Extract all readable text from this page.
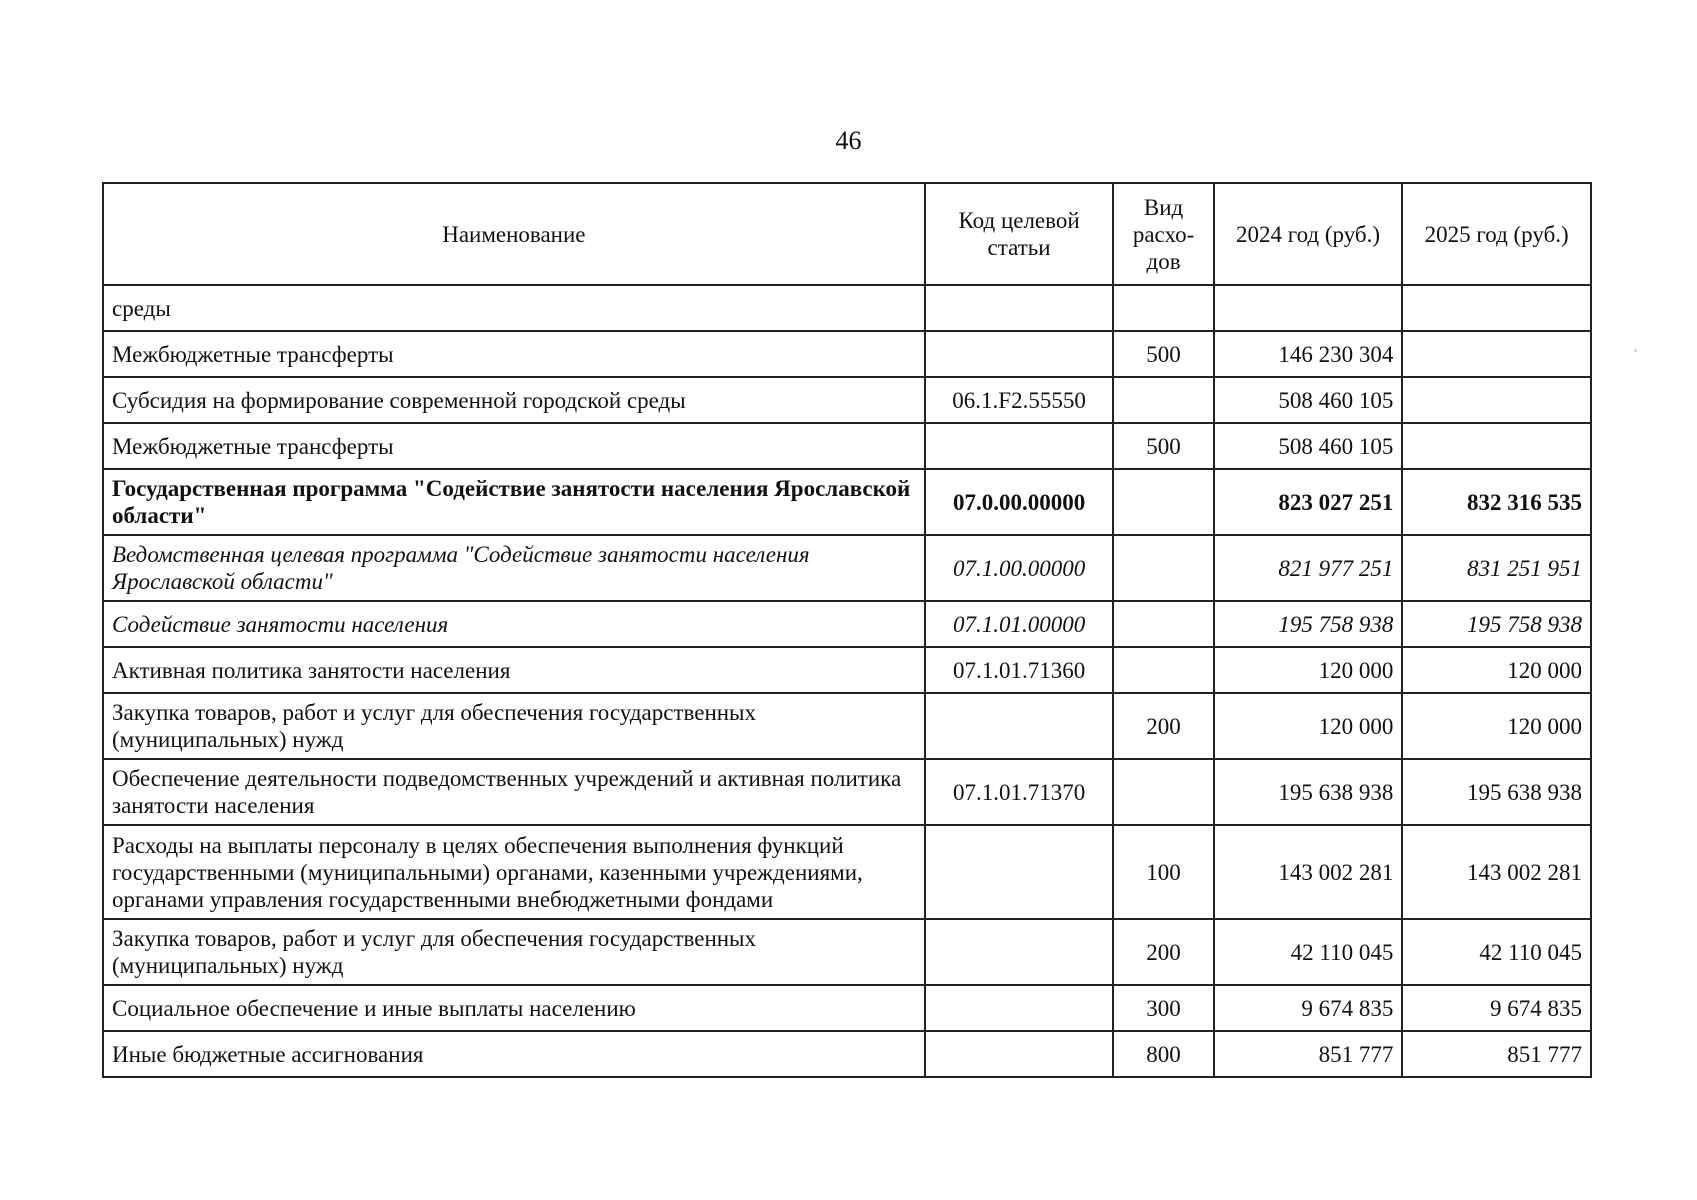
46
Наименование	Код целевой статьи	Вид расхо-дов	2024 год (руб.)	2025 год (руб.)
среды				
Межбюджетные трансферты		500	146 230 304	
Субсидия на формирование современной городской среды	06.1.F2.55550		508 460 105	
Межбюджетные трансферты		500	508 460 105	
Государственная программа "Содействие занятости населения Ярославской области"	07.0.00.00000		823 027 251	832 316 535
Ведомственная целевая программа "Содействие занятости населения Ярославской области"	07.1.00.00000		821 977 251	831 251 951
Содействие занятости населения	07.1.01.00000		195 758 938	195 758 938
Активная политика занятости населения	07.1.01.71360		120 000	120 000
Закупка товаров, работ и услуг для обеспечения государственных (муниципальных) нужд		200	120 000	120 000
Обеспечение деятельности подведомственных учреждений и активная политика занятости населения	07.1.01.71370		195 638 938	195 638 938
Расходы на выплаты персоналу в целях обеспечения выполнения функций государственными (муниципальными) органами, казенными учреждениями, органами управления государственными внебюджетными фондами		100	143 002 281	143 002 281
Закупка товаров, работ и услуг для обеспечения государственных (муниципальных) нужд		200	42 110 045	42 110 045
Социальное обеспечение и иные выплаты населению		300	9 674 835	9 674 835
Иные бюджетные ассигнования		800	851 777	851 777
